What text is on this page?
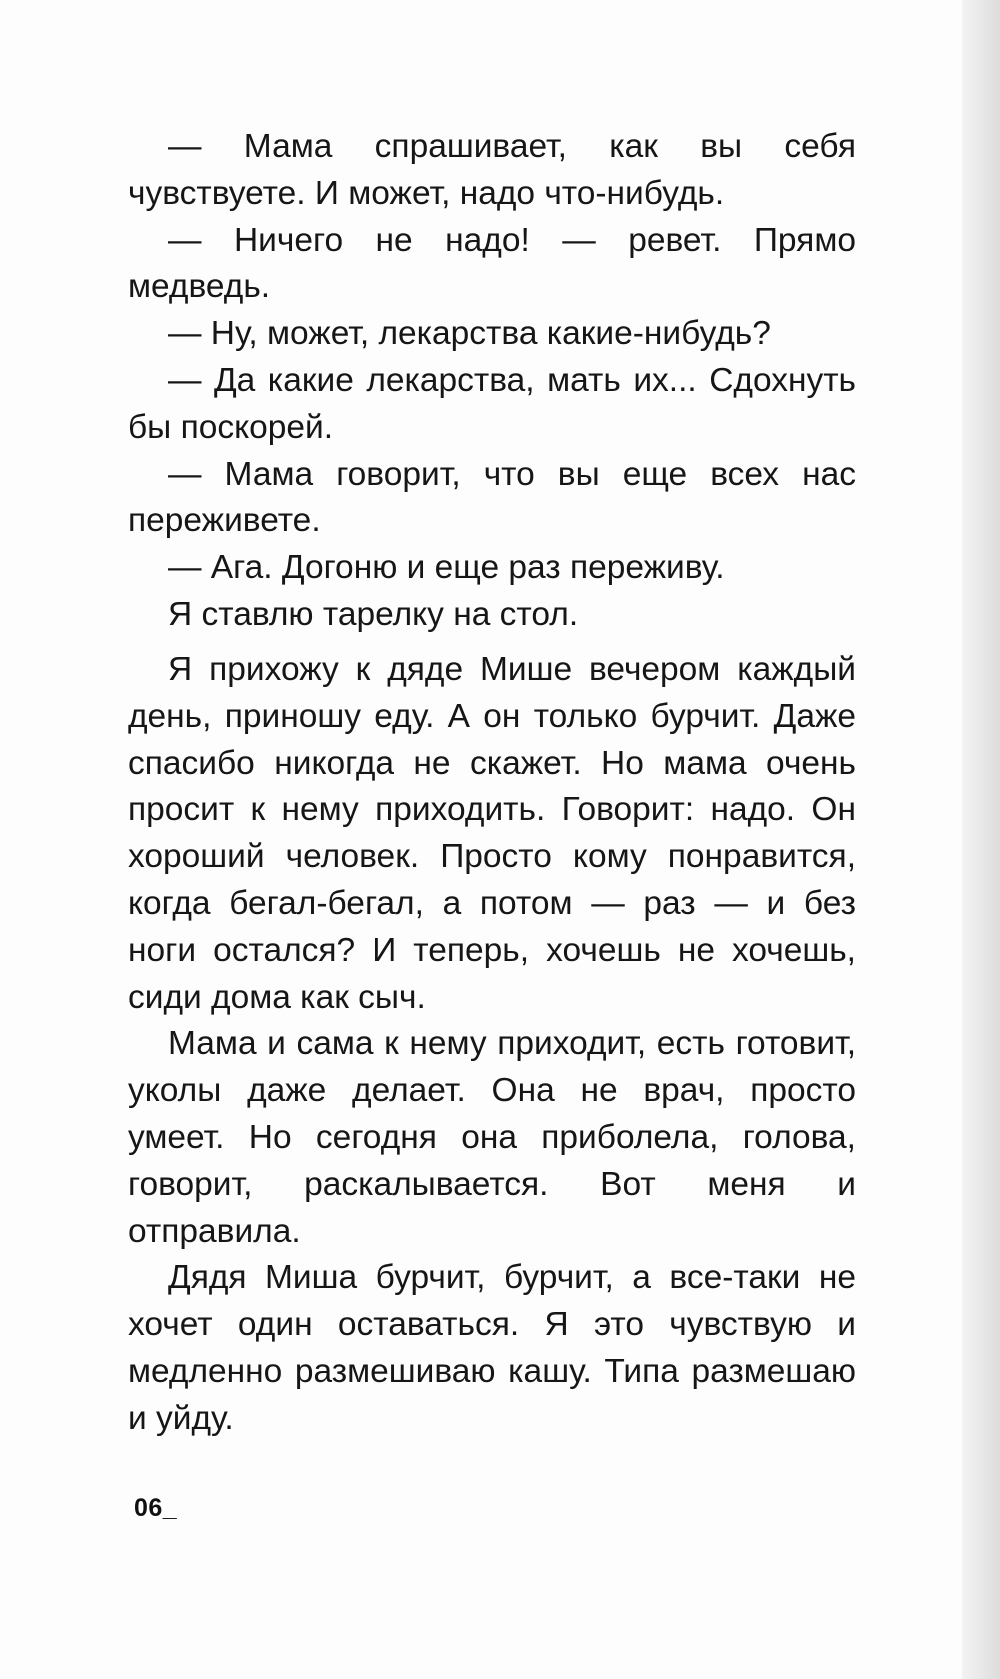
— Мама спрашивает, как вы себя чувствуете. И может, надо что-нибудь.

— Ничего не надо! — ревет. Прямо медведь.

— Ну, может, лекарства какие-нибудь?

— Да какие лекарства, мать их... Сдохнуть бы поскорей.

— Мама говорит, что вы еще всех нас переживете.

— Ага. Догоню и еще раз переживу.

Я ставлю тарелку на стол.

Я прихожу к дяде Мише вечером каждый день, приношу еду. А он только бурчит. Даже спасибо никогда не скажет. Но мама очень просит к нему приходить. Говорит: надо. Он хороший человек. Просто кому понравится, когда бегал-бегал, а потом — раз — и без ноги остался? И теперь, хочешь не хочешь, сиди дома как сыч.

Мама и сама к нему приходит, есть готовит, уколы даже делает. Она не врач, просто умеет. Но сегодня она приболела, голова, говорит, раскалывается. Вот меня и отправила.

Дядя Миша бурчит, бурчит, а все-таки не хочет один оставаться. Я это чувствую и медленно размешиваю кашу. Типа размешаю и уйду.

06_
